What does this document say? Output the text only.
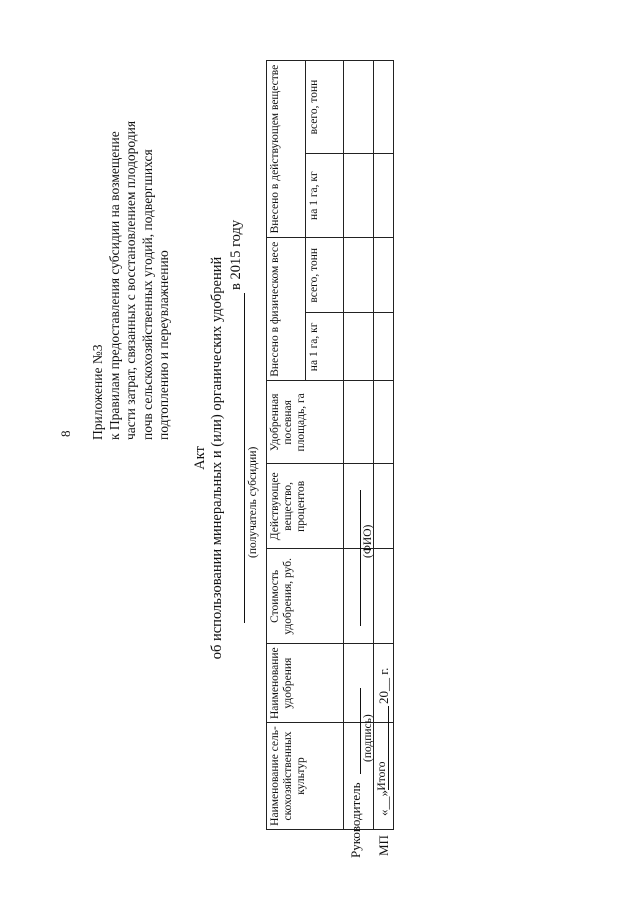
8 Приложение №3 к Правилам предоставления субсидии на возмещение части затрат, связанных с восстановлением плодородия почв сельскохозяйственных угодий, подвергшихся подтоплению и переувлажнению
Акт об использовании минеральных и (или) органических удобрений
в 2015 году
(получатель субсидии)
Наименование сель-скохозяйственных культур	Наименование удобрения	Стоимость удобрения, руб.	Действующее вещество, процентов	Удобренная посевная площадь, га	Внесено в физическом весе		Внесено в действующем веществе	
					на 1 га, кг	всего, тонн	на 1 га, кг	всего, тонн

Итого								
Руководитель
(подпись)
(ФИО)
МП
«__»
20__ г.
